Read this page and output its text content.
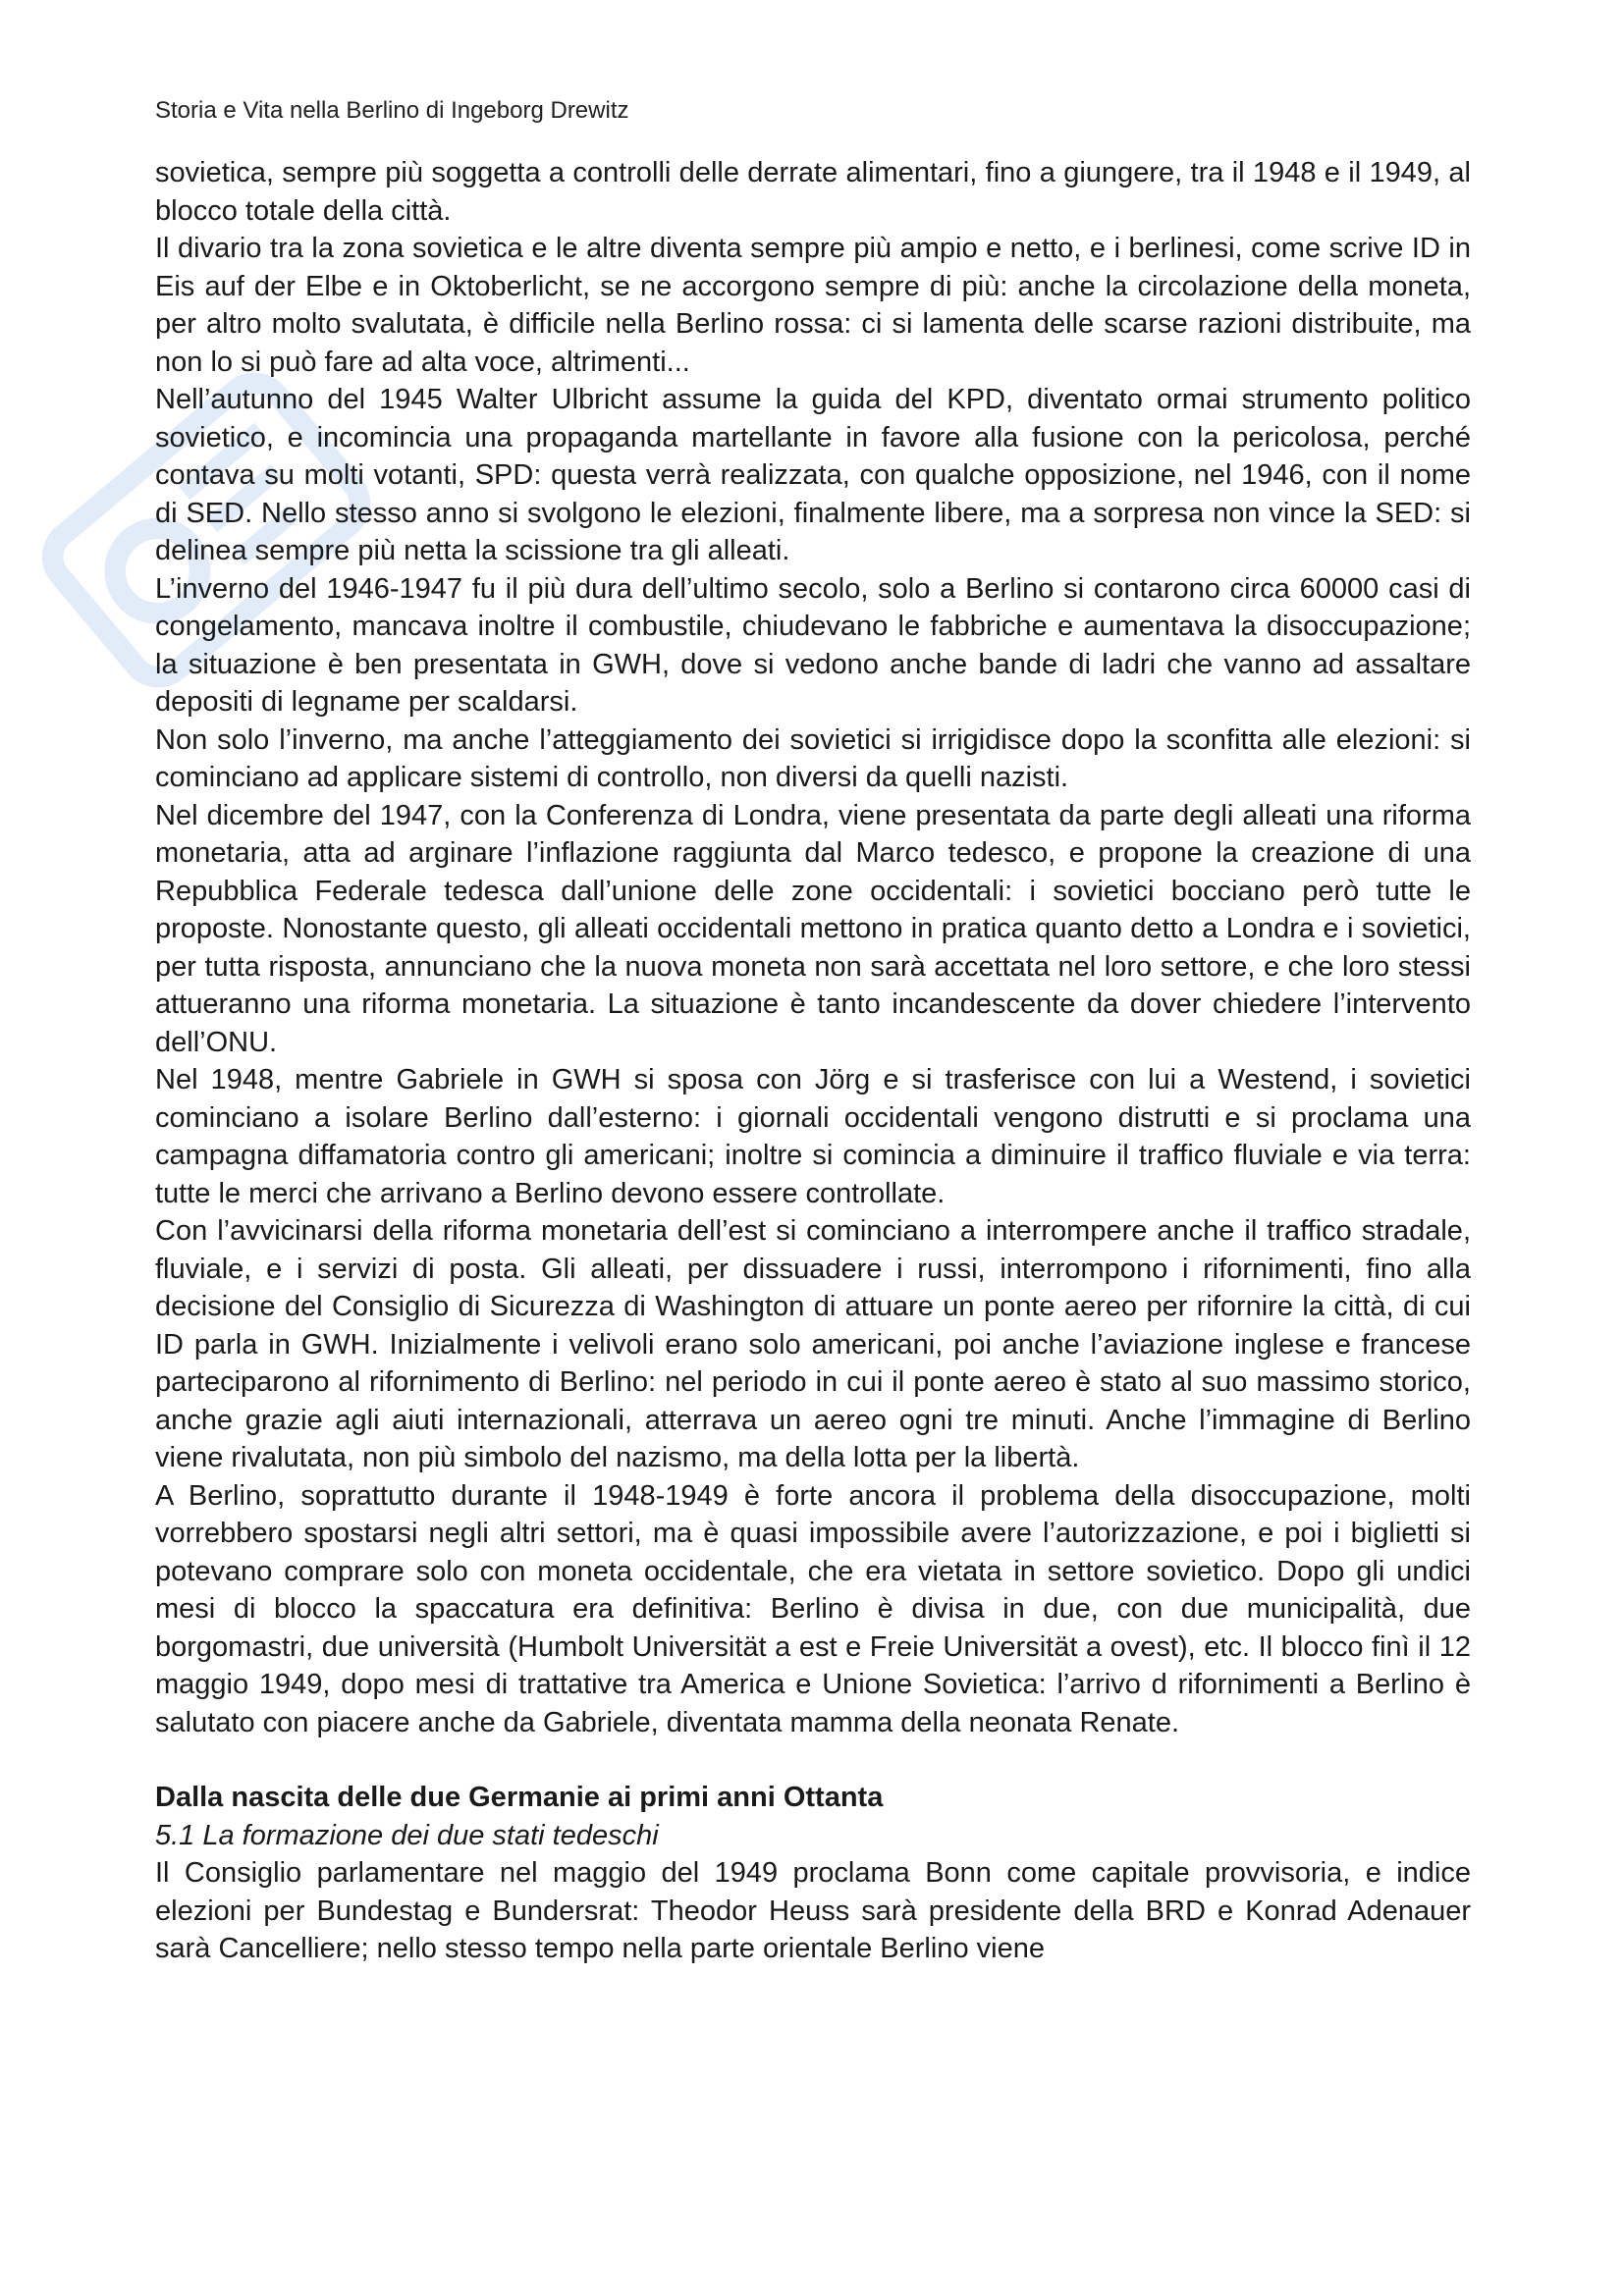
Storia e Vita nella Berlino di Ingeborg Drewitz

sovietica, sempre più soggetta a controlli delle derrate alimentari, fino a giungere, tra il 1948 e il 1949, al blocco totale della città.

Il divario tra la zona sovietica e le altre diventa sempre più ampio e netto, e i berlinesi, come scrive ID in Eis auf der Elbe e in Oktoberlicht, se ne accorgono sempre di più: anche la circolazione della moneta, per altro molto svalutata, è difficile nella Berlino rossa: ci si lamenta delle scarse razioni distribuite, ma non lo si può fare ad alta voce, altrimenti...

Nell’autunno del 1945 Walter Ulbricht assume la guida del KPD, diventato ormai strumento politico sovietico, e incomincia una propaganda martellante in favore alla fusione con la pericolosa, perché contava su molti votanti, SPD: questa verrà realizzata, con qualche opposizione, nel 1946, con il nome di SED. Nello stesso anno si svolgono le elezioni, finalmente libere, ma a sorpresa non vince la SED: si delinea sempre più netta la scissione tra gli alleati.

L’inverno del 1946-1947 fu il più dura dell’ultimo secolo, solo a Berlino si contarono circa 60000 casi di congelamento, mancava inoltre il combustile, chiudevano le fabbriche e aumentava la disoccupazione; la situazione è ben presentata in GWH, dove si vedono anche bande di ladri che vanno ad assaltare depositi di legname per scaldarsi.

Non solo l’inverno, ma anche l’atteggiamento dei sovietici si irrigidisce dopo la sconfitta alle elezioni: si cominciano ad applicare sistemi di controllo, non diversi da quelli nazisti.

Nel dicembre del 1947, con la Conferenza di Londra, viene presentata da parte degli alleati una riforma monetaria, atta ad arginare l’inflazione raggiunta dal Marco tedesco, e propone la creazione di una Repubblica Federale tedesca dall’unione delle zone occidentali: i sovietici bocciano però tutte le proposte. Nonostante questo, gli alleati occidentali mettono in pratica quanto detto a Londra e i sovietici, per tutta risposta, annunciano che la nuova moneta non sarà accettata nel loro settore, e che loro stessi attueranno una riforma monetaria. La situazione è tanto incandescente da dover chiedere l’intervento dell’ONU.

Nel 1948, mentre Gabriele in GWH si sposa con Jörg e si trasferisce con lui a Westend, i sovietici cominciano a isolare Berlino dall’esterno: i giornali occidentali vengono distrutti e si proclama una campagna diffamatoria contro gli americani; inoltre si comincia a diminuire il traffico fluviale e via terra: tutte le merci che arrivano a Berlino devono essere controllate.

Con l’avvicinarsi della riforma monetaria dell’est si cominciano a interrompere anche il traffico stradale, fluviale, e i servizi di posta. Gli alleati, per dissuadere i russi, interrompono i rifornimenti, fino alla decisione del Consiglio di Sicurezza di Washington di attuare un ponte aereo per rifornire la città, di cui ID parla in GWH. Inizialmente i velivoli erano solo americani, poi anche l’aviazione inglese e francese parteciparono al rifornimento di Berlino: nel periodo in cui il ponte aereo è stato al suo massimo storico, anche grazie agli aiuti internazionali, atterrava un aereo ogni tre minuti. Anche l’immagine di Berlino viene rivalutata, non più simbolo del nazismo, ma della lotta per la libertà.

A Berlino, soprattutto durante il 1948-1949 è forte ancora il problema della disoccupazione, molti vorrebbero spostarsi negli altri settori, ma è quasi impossibile avere l’autorizzazione, e poi i biglietti si potevano comprare solo con moneta occidentale, che era vietata in settore sovietico. Dopo gli undici mesi di blocco la spaccatura era definitiva: Berlino è divisa in due, con due municipalità, due borgomastri, due università (Humbolt Universität a est e Freie Universität a ovest), etc. Il blocco finì il 12 maggio 1949, dopo mesi di trattative tra America e Unione Sovietica: l’arrivo d rifornimenti a Berlino è salutato con piacere anche da Gabriele, diventata mamma della neonata Renate.

Dalla nascita delle due Germanie ai primi anni Ottanta

5.1 La formazione dei due stati tedeschi

Il Consiglio parlamentare nel maggio del 1949 proclama Bonn come capitale provvisoria, e indice elezioni per Bundestag e Bundersrat: Theodor Heuss sarà presidente della BRD e Konrad Adenauer sarà Cancelliere; nello stesso tempo nella parte orientale Berlino viene
